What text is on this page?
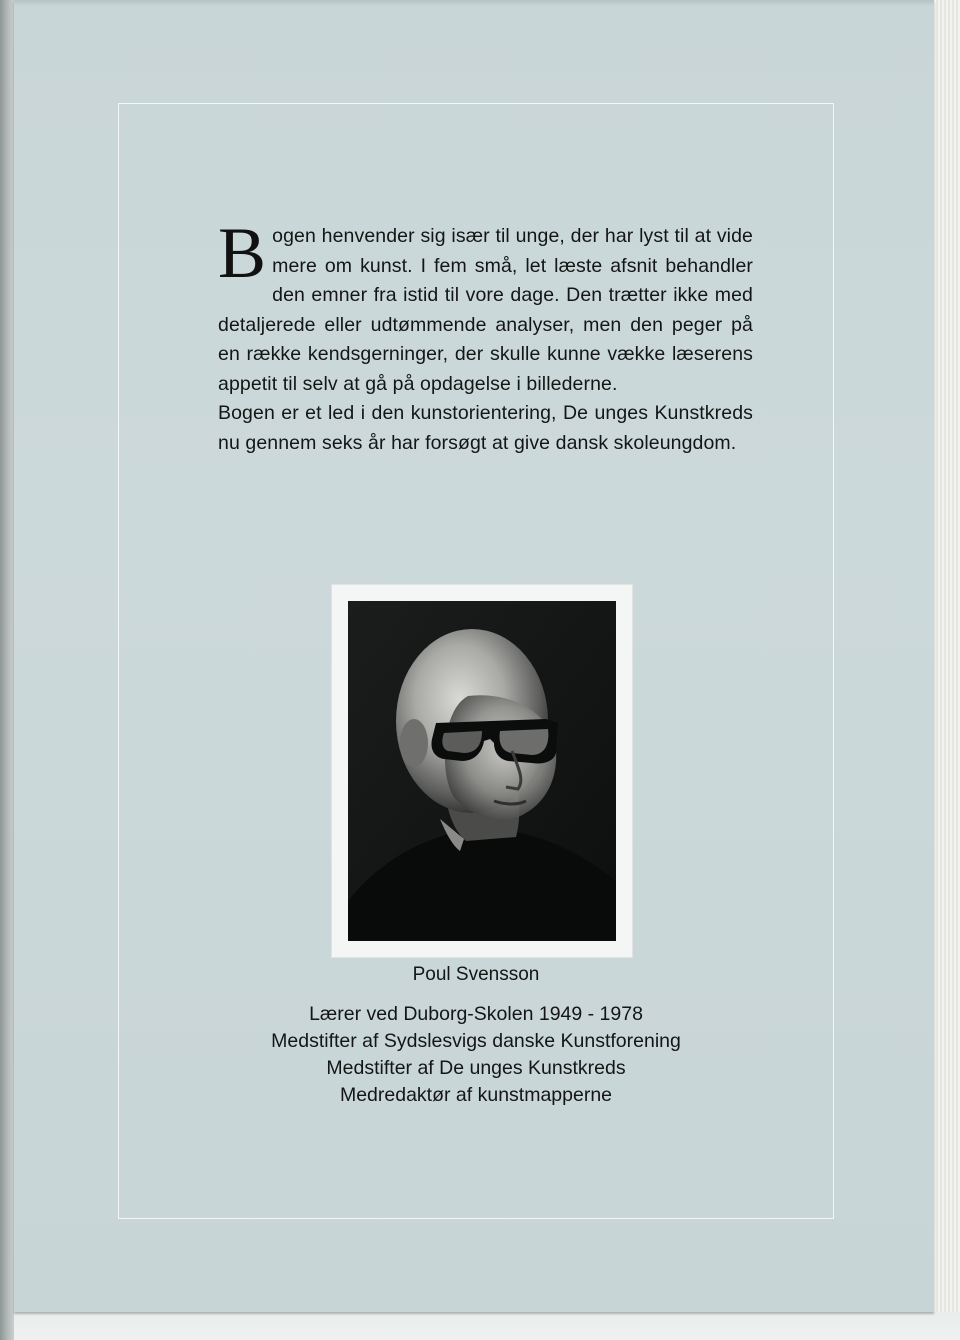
Bogen henvender sig især til unge, der har lyst til at vide mere om kunst. I fem små, let læste afsnit behandler den emner fra istid til vore dage. Den trætter ikke med detaljerede eller udtømmende analyser, men den peger på en række kendsgerninger, der skulle kunne vække læserens appetit til selv at gå på opdagelse i billederne.

Bogen er et led i den kunstorientering, De unges Kunstkreds nu gennem seks år har forsøgt at give dansk skoleungdom.

Poul Svensson
Lærer ved Duborg-Skolen 1949 - 1978
Medstifter af Sydslesvigs danske Kunstforening
Medstifter af De unges Kunstkreds
Medredaktør af kunstmapperne
